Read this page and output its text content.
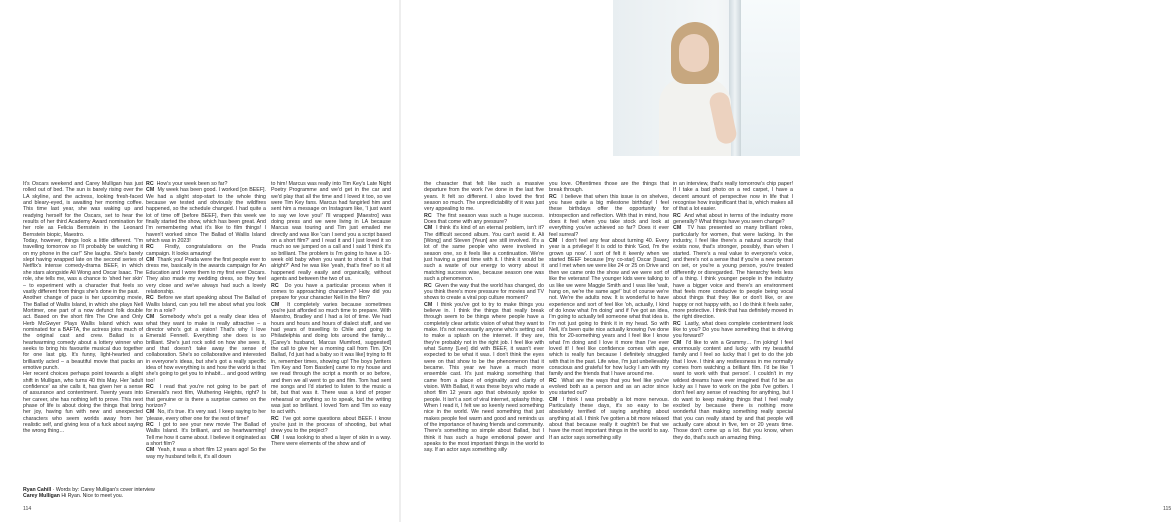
It's Oscars weekend and Carey Mulligan has just rolled out of bed. The sun is barely rising over the LA skyline, and the actress, looking fresh-faced and bleary-eyed, is awaiting her morning coffee. This time last year, she was waking up and readying herself for the Oscars, set to hear the results of her third Academy Award nomination for her role as Felicia Bernstein in the Leonard Bernstein biopic, Maestro.

Today, however, things look a little different. "I'm travelling tomorrow so I'll probably be watching it on my phone in the car!" She laughs. She's barely slept having wrapped late on the second series of Netflix's intense comedy-drama BEEF, in which she stars alongside Ali Wong and Oscar Isaac. The role, she tells me, was a chance to 'shed her skin' – to experiment with a character that feels so vastly different from things she's done in the past.

Another change of pace is her upcoming movie, The Ballad of Wallis Island, in which she plays Nell Mortimer, one part of a now defunct folk double act. Based on the short film The One and Only Herb McGwyer Plays Wallis Island which was nominated for a BAFTA, the actress joins much of the original cast and crew. Ballad is a heartwarming comedy about a lottery winner who seeks to bring his favourite musical duo together for one last gig. It's funny, light-hearted and brilliantly acted – a beautiful movie that packs an emotive punch.

Her recent choices perhaps point towards a slight shift in Mulligan, who turns 40 this May. Her 'adult confidence' as she calls it, has given her a sense of assurance and contentment. Twenty years into her career, she has nothing left to prove. This next phase of life is about doing the things that bring her joy, having fun with new and unexpected characters who seem worlds away from her realistic self, and giving less of a fuck about saying the wrong thing…

RC How's your week been so far?

CM My week has been good. I worked [on BEEF]. We had a slight stop-start to the whole thing because we tested and obviously the wildfires happened, so the schedule changed. I had quite a lot of time off [before BEEF], then this week we finally started the show, which has been great. And I'm remembering what it's like to film things! I haven't worked since The Ballad of Wallis Island which was in 2023!

RC Firstly, congratulations on the Prada campaign. It looks amazing!

CM Thank you! Prada were the first people ever to dress me, basically in the awards campaign for An Education and I wore them to my first ever Oscars. They also made my wedding dress, so they feel very close and we've always had such a lovely relationship.

RC Before we start speaking about The Ballad of Wallis Island, can you tell me about what you look for in a role?

CM Somebody who's got a really clear idea of what they want to make is really attractive – a director who's got a vision! That's why I love Emerald Fennell. Everything she does is so brilliant. She's just rock solid on how she sees it, and that doesn't take away the sense of collaboration. She's so collaborative and interested in everyone's ideas, but she's got a really specific idea of how everything is and how the world is that she's going to get you to inhabit… and good writing too!

RC I read that you're not going to be part of Emerald's next film, Wuthering Heights, right? Is that genuine or is there a surprise cameo on the horizon?

CM No, it's true. It's very sad. I keep saying to her 'please, every other one for the rest of time!'

RC I got to see your new movie The Ballad of Wallis Island. It's brilliant, and so heartwarming! Tell me how it came about. I believe it originated as a short film?

CM Yeah, it was a short film 12 years ago! So the way my husband tells it, it's all down

to him! Marcus was really into Tim Key's Late Night Poetry Programme and we'd get in the car and we'd play that all the time and I loved it too, so we were Tim Key fans. Marcus had fangirled him and sent him a message on Instagram like, 'I just want to say we love you!' I'll wrapped [Maestro] was doing press and we were living in LA because Marcus was touring and Tim just emailed me directly and was like 'can I send you a script based on a short film?' and I read it and I just loved it so much so we jumped on a call and I said 'I think it's so brilliant. The problem is I'm going to have a 10-week old baby when you want to shoot it. Is that alright?' And he was like 'yeah, that's fine!' so it all happened really easily and organically, without agents and between the two of us.

RC Do you have a particular process when it comes to approaching characters? How did you prepare for your character Nell in the film?

CM It completely varies because sometimes you're just afforded so much time to prepare. With Maestro, Bradley and I had a lot of time. We had hours and hours and hours of dialect stuff, and we had years of travelling to Chile and going to Philadelphia and doing lots around the family… [Carey's husband, Marcus Mumford, suggested] the call to give her a morning call from Tim. [On Ballad, I'd just had a baby so it was like] trying to fit in, remember times, showing up! The boys [writers Tim Key and Tom Basden] came to my house and we read through the script a month or so before, and then we all went to go and film. Tom had sent me songs and I'd started to listen to the music a bit, but that was it. There was a kind of proper rehearsal or anything so to speak, but the writing was just so brilliant. I loved Tom and Tim so easy to act with.

RC I've got some questions about BEEF. I know you're just in the process of shooting, but what drew you to the project?

CM I was looking to shed a layer of skin in a way. There were elements of the show and of

Ryan Cahill · Words by: Carey Mulligan's cover interview
Carey Mulligan Hi Ryan. Nice to meet you.
114	115

the character that felt like such a massive departure from the work I've done in the last five years. It felt so different. I also loved the first season so much. The unpredictability of it was just very appealing to me.

RC The first season was such a huge success. Does that come with any pressure?

CM I think it's kind of an eternal problem, isn't it? The difficult second album. You can't avoid it. Ali [Wong] and Steven [Yeun] are still involved. It's a lot of the same people who were involved in season one, so it feels like a continuation. We're just having a great time with it. I think it would be such a waste of our energy to worry about it matching success wise, because season one was such a phenomenon.

RC Given the way that the world has changed, do you think there's more pressure for movies and TV shows to create a viral pop culture moment?

CM I think you've got to try to make things you believe in. I think the things that really break through seem to be things where people have a completely clear artistic vision of what they want to make. It's not necessarily anyone who's setting out to make a splash on the internet. If they are, they're probably not in the right job. I feel like with what Sunny [Lee] did with BEEF, it wasn't ever expected to be what it was. I don't think the eyes were on that show to be the phenomenon that it became. This year we have a much more ensemble cast. It's just making something that came from a place of originality and clarity of vision. With Ballad, it was these boys who made a short film 12 years ago that obviously spoke to people. It isn't a sort of viral internet, splashy thing. When I read it, I felt we so keenly need something nice in the world. We need something that just makes people feel warm and good and reminds us of the importance of having friends and community. There's something so simple about Ballad, but I think it has such a huge emotional power and speaks to the most important things in the world to say. If an actor says something silly

you love. Oftentimes those are the things that break through.

RC I believe that when this issue is on shelves, you have quite a big milestone birthday! I feel these birthdays offer the opportunity for introspection and reflection. With that in mind, how does it feel when you take stock and look at everything you've achieved so far? Does it ever feel surreal?

CM I don't feel any fear about turning 40. Every year is a privilege! It is odd to think 'God, I'm the grown up now'. I sort of felt it keenly when we started BEEF because [my co-star] Oscar [Isaac] and I met when we were like 24 or 25 on Drive and then we came onto the show and we were sort of like the veterans! The younger kids were talking to us like we were Maggie Smith and I was like 'wait, hang on, we're the same age!' but of course we're not. We're the adults now. It is wonderful to have experience and sort of feel like 'oh, actually, I kind of do know what I'm doing' and if I've got an idea, I'm going to actually tell someone what that idea is. I'm not just going to think it in my head. So with Nell, it's been quite nice actually knowing I've done this for 20-something years and I feel like I know what I'm doing and I love it more than I've ever loved it! I feel like confidence comes with age, which is really fun because I definitely struggled with that in the past. Life wise, I'm just unbelievably conscious and grateful for how lucky I am with my family and the friends that I have around me.

RC What are the ways that you feel like you've evolved both as a person and as an actor since you started out?

CM I think I was probably a lot more nervous. Particularly these days, it's so easy to be absolutely terrified of saying anything about anything at all. I think I've gotten a bit more relaxed about that because really it oughtn't be that we have the most important things in the world to say. If an actor says something silly

in an interview, that's really tomorrow's chip paper! If I take a bad photo on a red carpet, I have a decent amount of perspective now in life that I recognise how insignificant that is, which makes all of that a lot easier.

RC And what about in terms of the industry more generally? What things have you seen change?

CM TV has presented so many brilliant roles, particularly for women, that were lacking. In the industry, I feel like there's a natural scarcity that exists now, that's stronger, possibly, than when I started. There's a real value to everyone's voice, and there's not a sense that if you're a new person on set, or you're a young person, you're treated differently or disregarded. The hierarchy feels less of a thing. I think younger people in the industry have a bigger voice and there's an environment that feels more conducive to people being vocal about things that they like or don't like, or are happy or not happy with, so I do think it feels safer, more protective. I think that has definitely moved in the right direction.

RC Lastly, what does complete contentment look like to you? Do you have something that is driving you forward?

CM I'd like to win a Grammy… I'm joking! I feel enormously content and lucky with my beautiful family and I feel so lucky that I get to do the job that I love. I think any restlessness in me normally comes from watching a brilliant film. I'd be like 'I want to work with that person'. I couldn't in my wildest dreams have ever imagined that I'd be as lucky as I have to work on the jobs I've gotten. I don't feel any sense of reaching for anything, but I do want to keep making things that I feel really excited by because there is nothing more wonderful than making something really special that you can really stand by and that people will actually care about in five, ten or 20 years time. Those don't come up a lot. But you know, when they do, that's such an amazing thing.
